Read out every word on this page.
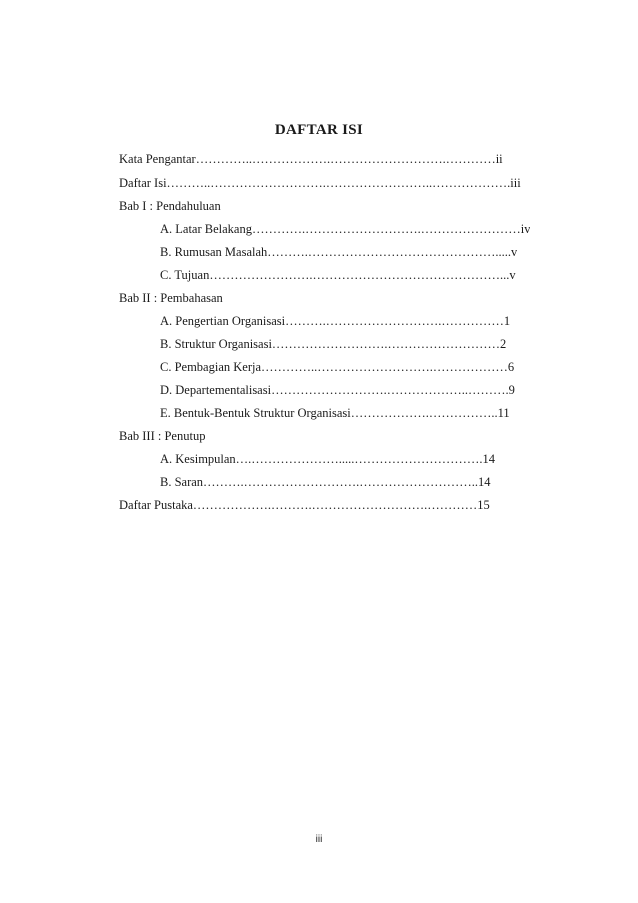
DAFTAR ISI
Kata Pengantar…………..……………….……………………….…………ii
Daftar Isi………..……………………….……………………..……………….iii
Bab I : Pendahuluan
A. Latar Belakang………….……………………….……………………iv
B. Rumusan Masalah……….……………………………………….....v
C. Tujuan…………………….………………………………………...v
Bab II : Pembahasan
A. Pengertian Organisasi……….……………………….……………1
B. Struktur Organisasi……………………….………………………2
C. Pembagian Kerja…………..……………………….………………6
D. Departementalisasi……………………….………………..……….9
E. Bentuk-Bentuk Struktur Organisasi……………….……………..11
Bab III : Penutup
A. Kesimpulan….………………….....………………………….14
B. Saran……….……………………….………………………..14
Daftar Pustaka……………….……….……………………….…………15
iii
